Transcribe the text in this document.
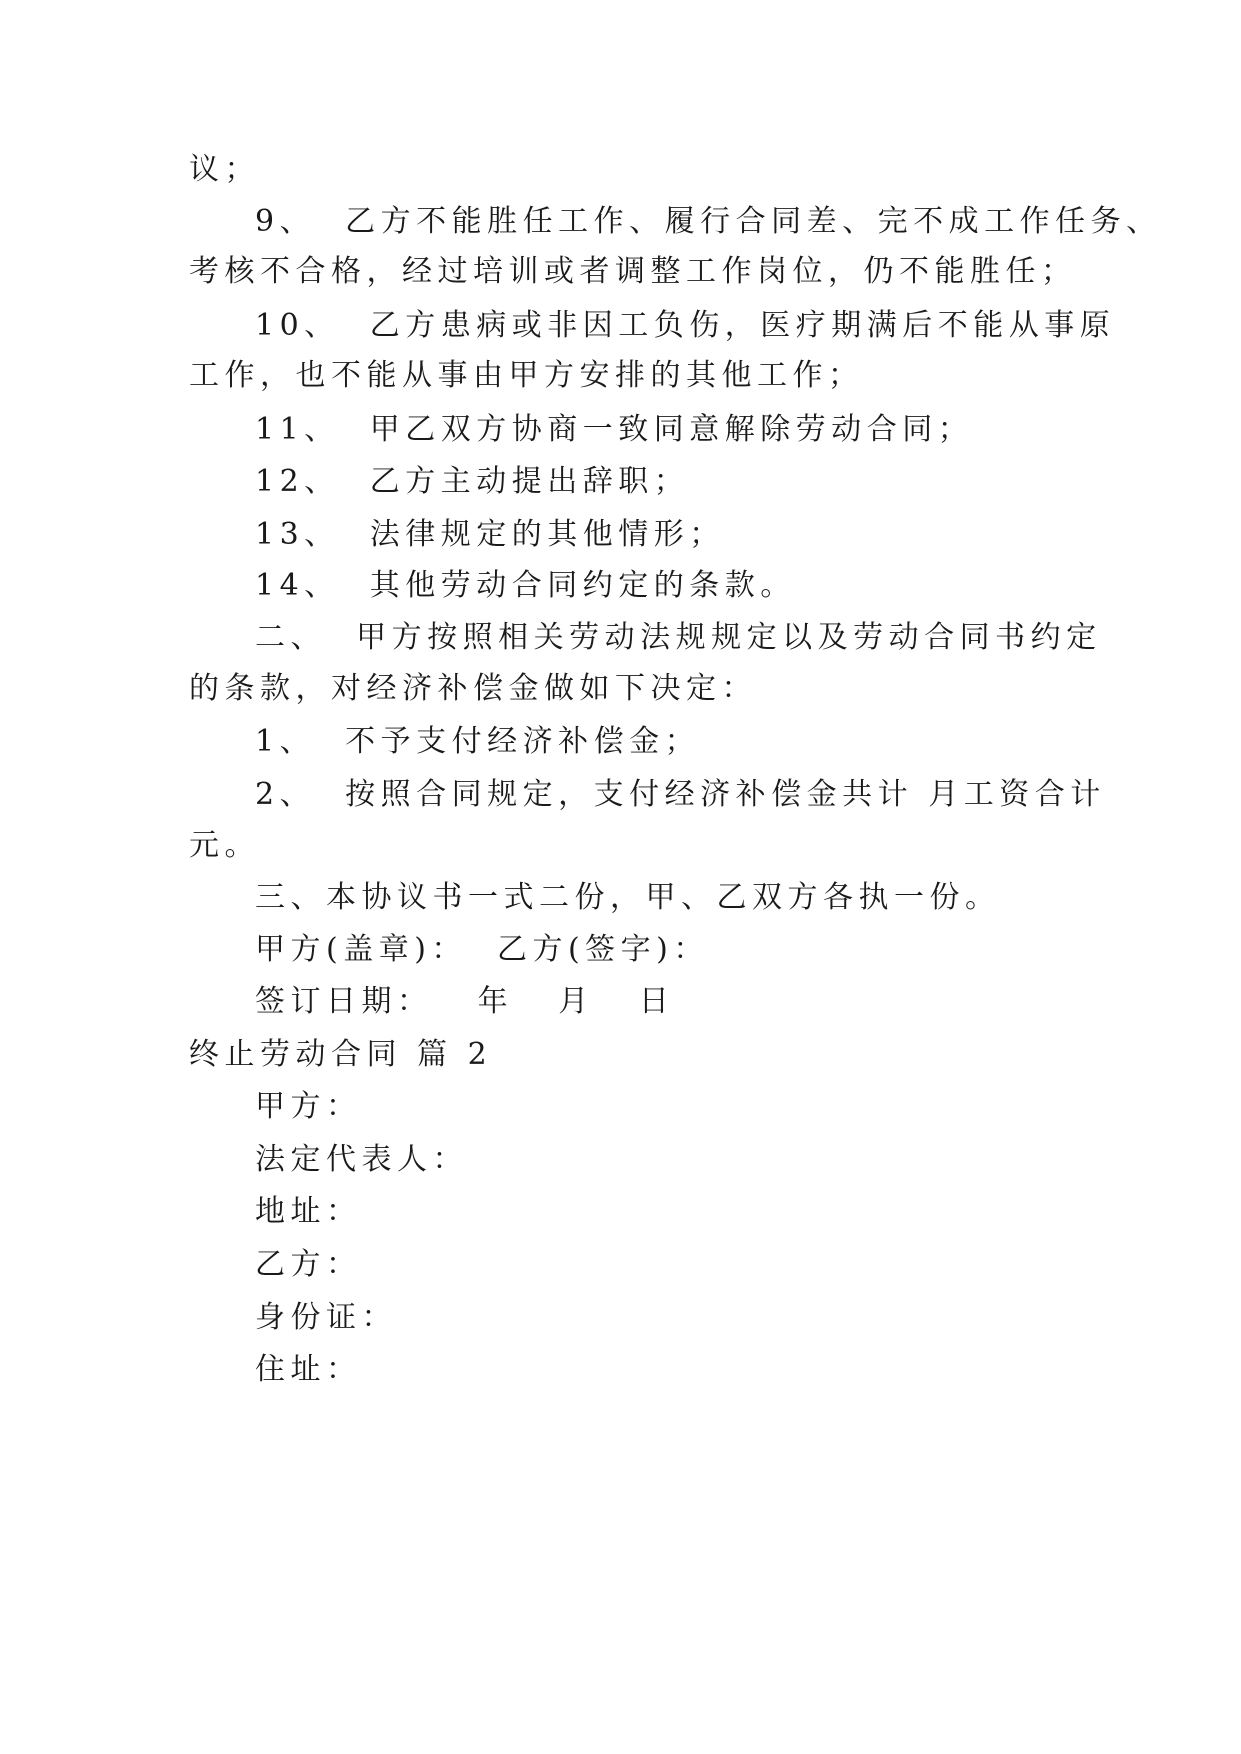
议；

9、  乙方不能胜任工作、履行合同差、完不成工作任务、

考核不合格，经过培训或者调整工作岗位，仍不能胜任；

10、  乙方患病或非因工负伤，医疗期满后不能从事原

工作，也不能从事由甲方安排的其他工作；

11、  甲乙双方协商一致同意解除劳动合同；

12、  乙方主动提出辞职；

13、  法律规定的其他情形；

14、  其他劳动合同约定的条款。

二、  甲方按照相关劳动法规规定以及劳动合同书约定

的条款，对经济补偿金做如下决定：

1、  不予支付经济补偿金；

2、  按照合同规定，支付经济补偿金共计 月工资合计

元。

三、本协议书一式二份，甲、乙双方各执一份。

甲方(盖章)：  乙方(签字)：

签订日期：   年   月   日

终止劳动合同 篇 2

甲方：

法定代表人：

地址：

乙方：

身份证：

住址：
